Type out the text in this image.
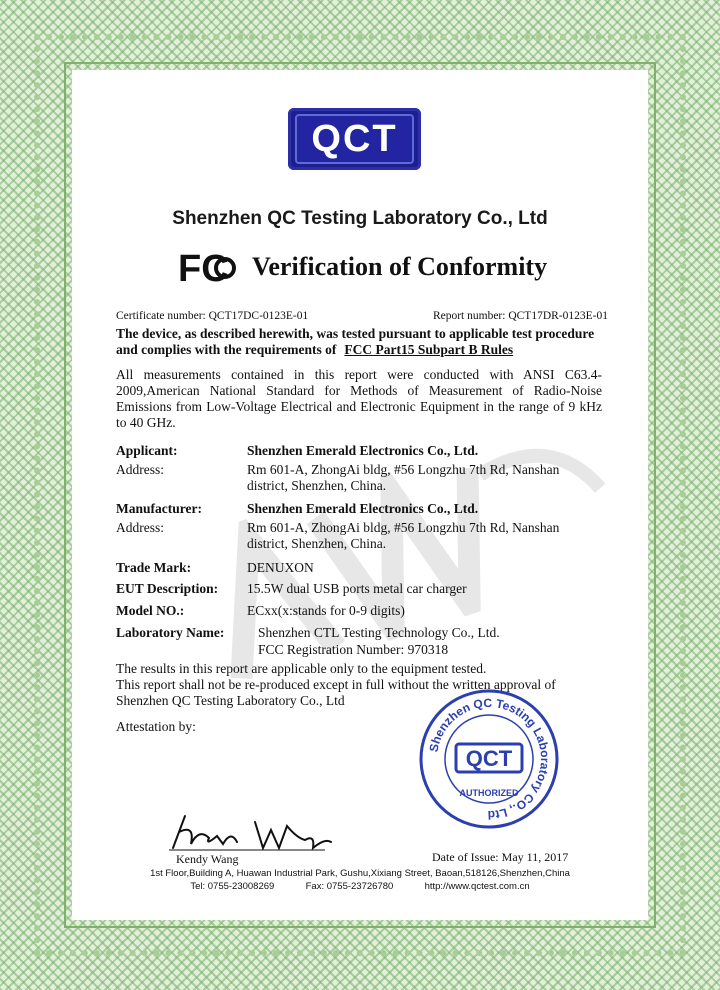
QCT
Shenzhen QC Testing Laboratory Co., Ltd
FC Verification of Conformity
Certificate number: QCT17DC-0123E-01	Report number: QCT17DR-0123E-01
The device, as described herewith, was tested pursuant to applicable test procedure
and complies with the requirements of FCC Part15 Subpart B Rules
All measurements contained in this report were conducted with ANSI C63.4-2009,American National Standard for Methods of Measurement of Radio-Noise Emissions from Low-Voltage Electrical and Electronic Equipment in the range of 9 kHz to 40 GHz.
Applicant:	Shenzhen Emerald Electronics Co., Ltd.
Address:	Rm 601-A, ZhongAi bldg, #56 Longzhu 7th Rd, Nanshan
district, Shenzhen, China.
Manufacturer:	Shenzhen Emerald Electronics Co., Ltd.
Address:	Rm 601-A, ZhongAi bldg, #56 Longzhu 7th Rd, Nanshan
district, Shenzhen, China.
Trade Mark:	DENUXON
EUT Description: 15.5W dual USB ports metal car charger
Model NO.:	ECxx(x:stands for 0-9 digits)
Laboratory Name: Shenzhen CTL Testing Technology Co., Ltd.
FCC Registration Number: 970318
The results in this report are applicable only to the equipment tested.
This report shall not be re-produced except in full without the written approval of
Shenzhen QC Testing Laboratory Co., Ltd
Attestation by:
Kendy Wang	Date of Issue: May 11, 2017
Shenzhen QC Testing Laboratory CO., Ltd
QCT
AUTHORIZED
1st Floor,Building A, Huawan Industrial Park, Gushu,Xixiang Street, Baoan,518126,Shenzhen,China
Tel: 0755-23008269	Fax: 0755-23726780	http://www.qctest.com.cn
